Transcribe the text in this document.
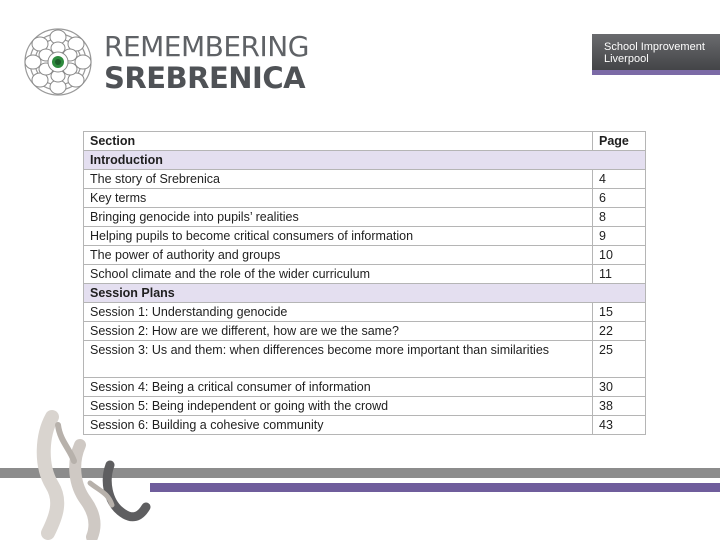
REMEMBERING
SREBRENICA
School Improvement
Liverpool
Section	Page
Introduction	
The story of Srebrenica	4
Key terms	6
Bringing genocide into pupils’ realities	8
Helping pupils to become critical consumers of information	9
The power of authority and groups	10
School climate and the role of the wider curriculum	11
Session Plans	
Session 1: Understanding genocide	15
Session 2: How are we different, how are we the same?	22
Session 3: Us and them: when differences become more important than similarities	25
Session 4: Being a critical consumer of information	30
Session 5: Being independent or going with the crowd	38
Session 6: Building a cohesive community	43
